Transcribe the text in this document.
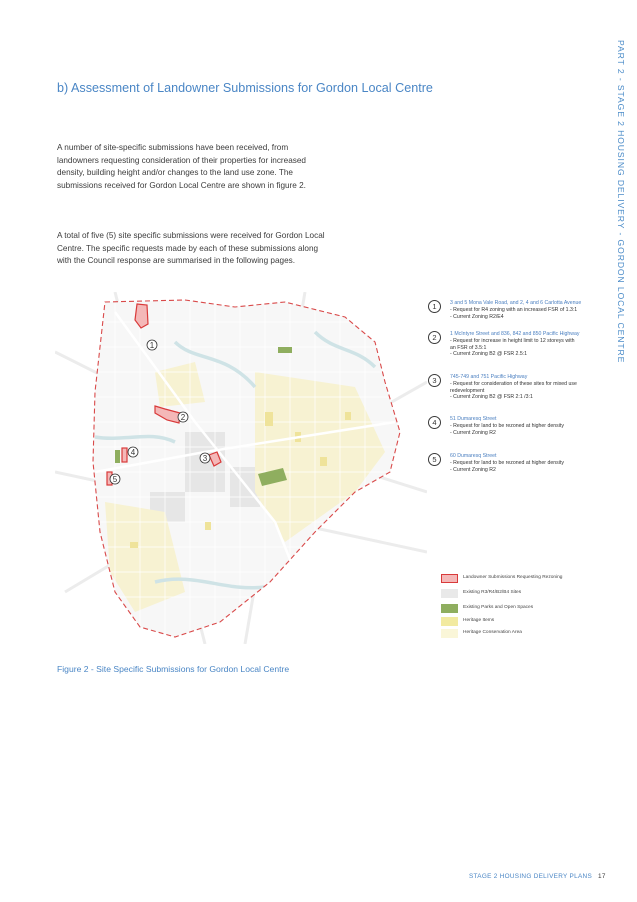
PART 2 - STAGE 2 HOUSING DELIVERY - GORDON LOCAL CENTRE
b) Assessment of Landowner Submissions for Gordon Local Centre

A number of site-specific submissions have been received, from landowners requesting consideration of their properties for increased density, building height and/or changes to the land use zone. The submissions received for Gordon Local Centre are shown in figure 2.

A total of five (5) site specific submissions were received for Gordon Local Centre. The specific requests made by each of these submissions along with the Council response are summarised in the following pages.

1
2
3
4
5
1	3 and 5 Mona Vale Road, and 2, 4 and 6 Carlotta Avenue
- Request for R4 zoning with an increased FSR of 1.3:1
- Current Zoning R2/E4
2	1 McIntyre Street and 836, 842 and 850 Pacific Highway
- Request for increase in height limit to 12 storeys with
an FSR of 3.5:1
- Current Zoning B2 @ FSR 2.5:1
3	745-749 and 751 Pacific Highway
- Request for consideration of these sites for mixed use
redevelopment
- Current Zoning B2 @ FSR 2:1 /3:1
4	51 Dumaresq Street
- Request for land to be rezoned at higher density
- Current Zoning R2
5	60 Dumaresq Street
- Request for land to be rezoned at higher density
- Current Zoning R2
Landowner Submissions Requesting Rezoning
Existing R3/R4/B2/B4 Sites
Existing Parks and Open Spaces
Heritage Items
Heritage Conservation Area
Figure 2 - Site Specific Submissions for Gordon Local Centre
STAGE 2 HOUSING DELIVERY PLANS 17
